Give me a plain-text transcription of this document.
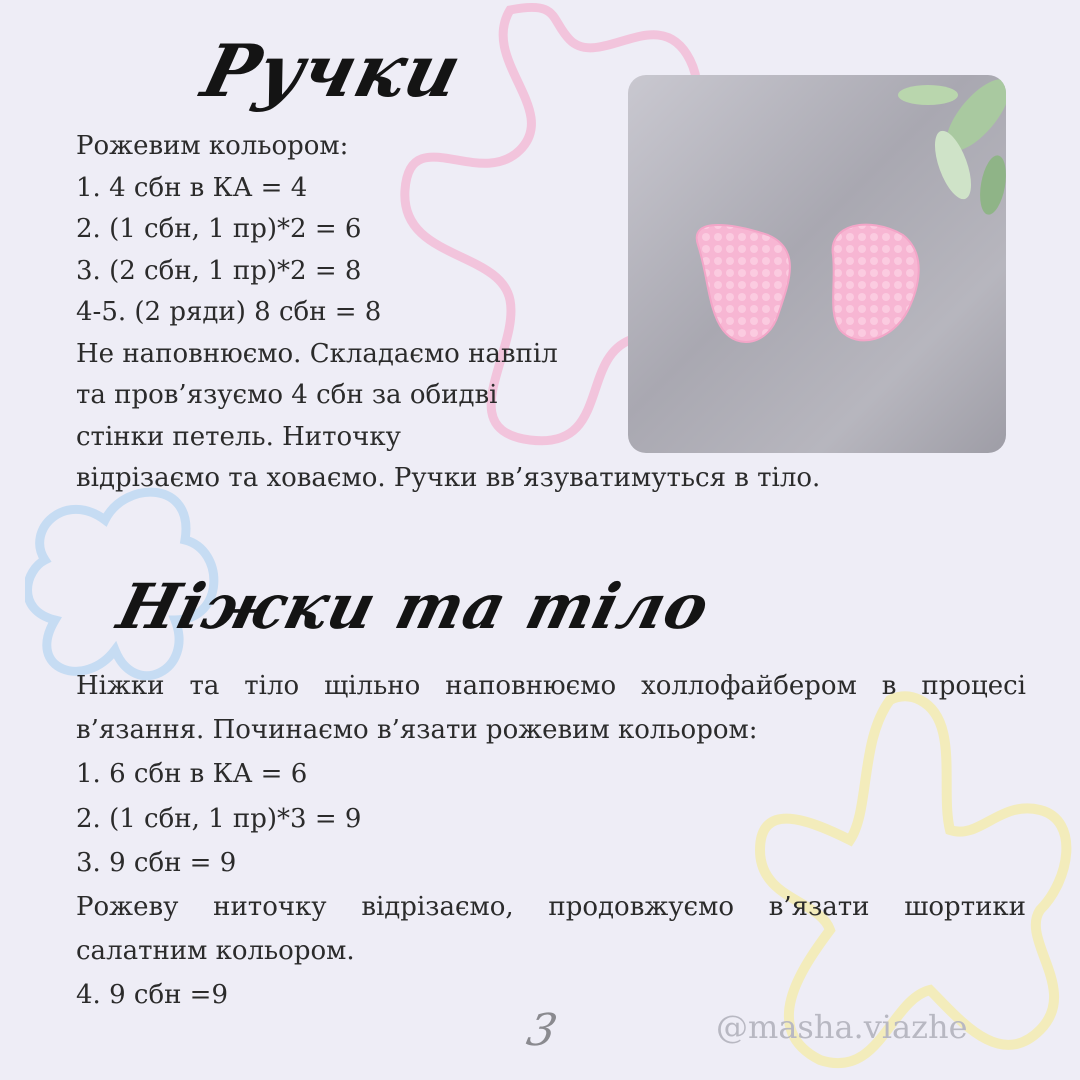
Ручки

Рожевим кольором:

1. 4 сбн в КА = 4

2. (1 сбн, 1 пр)*2 = 6

3. (2 сбн, 1 пр)*2 = 8

4-5. (2 ряди) 8 сбн = 8

Не наповнюємо. Складаємо навпіл

та пров’язуємо 4 сбн за обидві

стінки петель. Ниточку

відрізаємо та ховаємо. Ручки вв’язуватимуться в тіло.

Ніжки та тіло

Ніжки та тіло щільно наповнюємо холлофайбером в процесі в’язання. Починаємо в’язати рожевим кольором:

1. 6 сбн в КА = 6

2. (1 сбн, 1 пр)*3 = 9

3. 9 сбн = 9

Рожеву ниточку відрізаємо, продовжуємо в’язати шортики салатним кольором.

4. 9 сбн =9

3	@masha.viazhe
